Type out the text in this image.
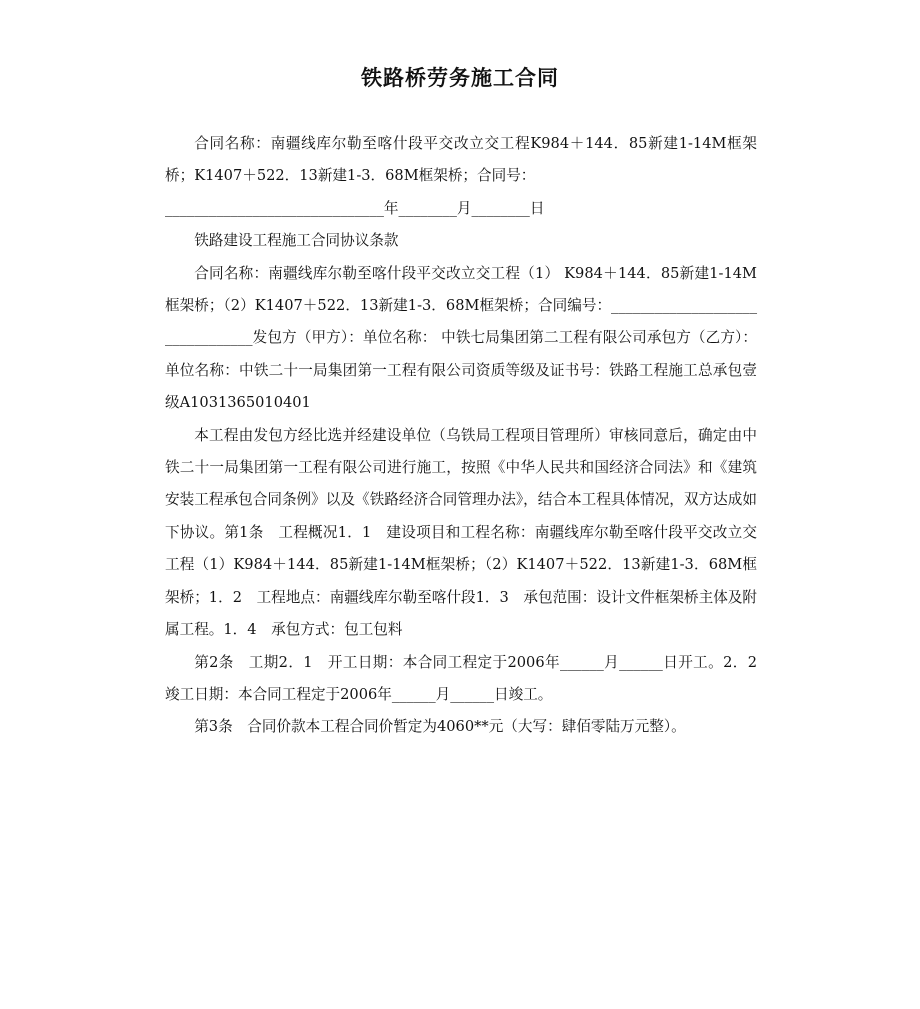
铁路桥劳务施工合同

合同名称：南疆线库尔勒至喀什段平交改立交工程K984＋144．85新建1-14M框架桥；K1407＋522．13新建1-3．68M框架桥；合同号：

______________________________年________月________日

铁路建设工程施工合同协议条款

合同名称：南疆线库尔勒至喀什段平交改立交工程（1） K984＋144．85新建1-14M框架桥；（2）K1407＋522．13新建1-3．68M框架桥；合同编号：________________________________发包方（甲方）：单位名称： 中铁七局集团第二工程有限公司承包方（乙方）：单位名称：中铁二十一局集团第一工程有限公司资质等级及证书号：铁路工程施工总承包壹级A1031365010401

本工程由发包方经比选并经建设单位（乌铁局工程项目管理所）审核同意后，确定由中铁二十一局集团第一工程有限公司进行施工，按照《中华人民共和国经济合同法》和《建筑安装工程承包合同条例》以及《铁路经济合同管理办法》，结合本工程具体情况，双方达成如下协议。第1条　工程概况1．1　建设项目和工程名称：南疆线库尔勒至喀什段平交改立交工程（1）K984＋144．85新建1-14M框架桥；（2）K1407＋522．13新建1-3．68M框架桥；1．2　工程地点：南疆线库尔勒至喀什段1．3　承包范围：设计文件框架桥主体及附属工程。1．4　承包方式：包工包料

第2条　工期2．1　开工日期：本合同工程定于2006年______月______日开工。2．2　竣工日期：本合同工程定于2006年______月______日竣工。

第3条　合同价款本工程合同价暂定为4060**元（大写：肆佰零陆万元整）。
